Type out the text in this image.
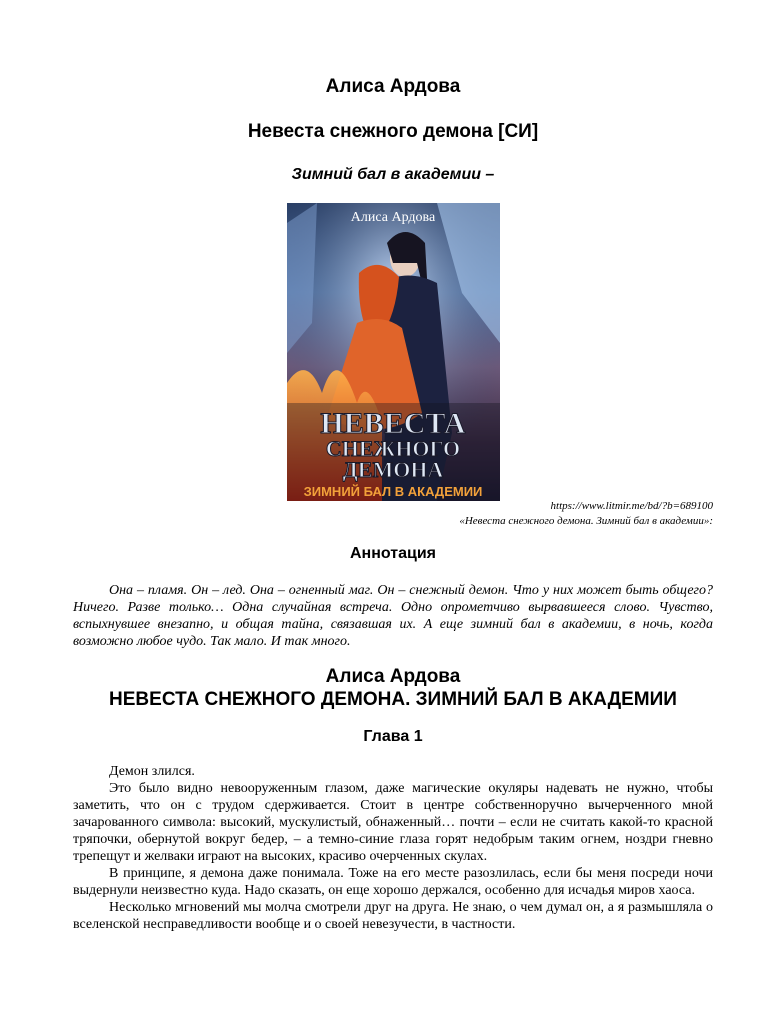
Алиса Ардова
Невеста снежного демона [СИ]
Зимний бал в академии –
Алиса Ардова
НЕВЕСТА
СНЕЖНОГО
ДЕМОНА
ЗИМНИЙ БАЛ В АКАДЕМИИ
https://www.litmir.me/bd/?b=689100
«Невеста снежного демона. Зимний бал в академии»:
Аннотация

Она – пламя. Он – лед. Она – огненный маг. Он – снежный демон. Что у них может быть общего? Ничего. Разве только… Одна случайная встреча. Одно опрометчиво вырвавшееся слово. Чувство, вспыхнувшее внезапно, и общая тайна, связавшая их. А еще зимний бал в академии, в ночь, когда возможно любое чудо. Так мало. И так много.

Алиса Ардова
НЕВЕСТА СНЕЖНОГО ДЕМОНА. ЗИМНИЙ БАЛ В АКАДЕМИИ
Глава 1

Демон злился.

Это было видно невооруженным глазом, даже магические окуляры надевать не нужно, чтобы заметить, что он с трудом сдерживается. Стоит в центре собственноручно вычерченного мной зачарованного символа: высокий, мускулистый, обнаженный… почти – если не считать какой-то красной тряпочки, обернутой вокруг бедер, – а темно-синие глаза горят недобрым таким огнем, ноздри гневно трепещут и желваки играют на высоких, красиво очерченных скулах.

В принципе, я демона даже понимала. Тоже на его месте разозлилась, если бы меня посреди ночи выдернули неизвестно куда. Надо сказать, он еще хорошо держался, особенно для исчадья миров хаоса.

Несколько мгновений мы молча смотрели друг на друга. Не знаю, о чем думал он, а я размышляла о вселенской несправедливости вообще и о своей невезучести, в частности.
